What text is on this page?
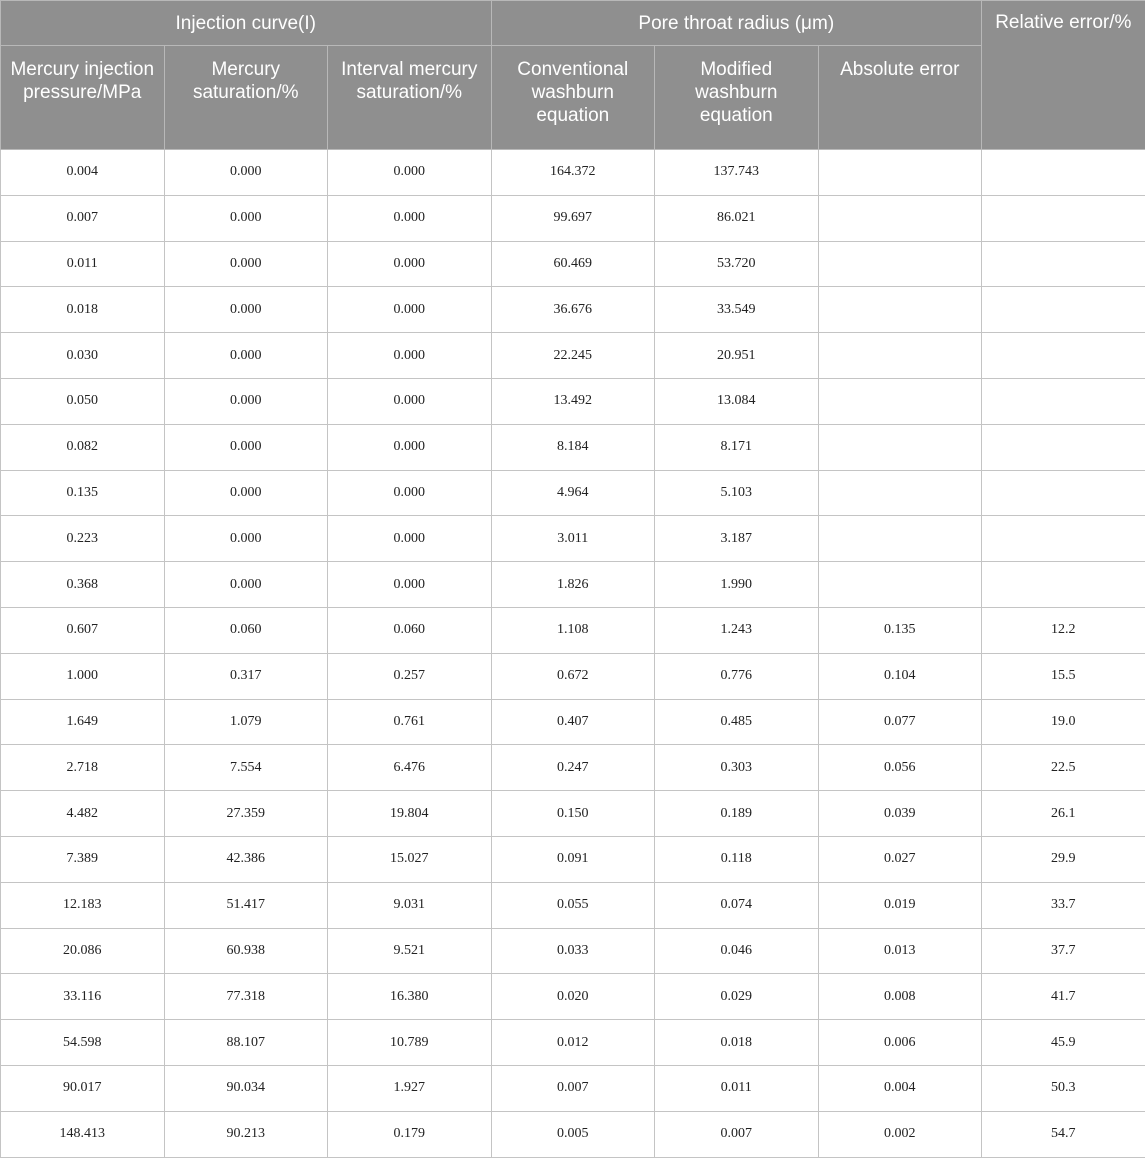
Injection curve(I)			Pore throat radius (μm)			Relative error/%
Mercury injection pressure/MPa	Mercury saturation/%	Interval mercury saturation/%	Conventional washburn equation	Modified washburn equation	Absolute error	
0.004	0.000	0.000	164.372	137.743		
0.007	0.000	0.000	99.697	86.021		
0.011	0.000	0.000	60.469	53.720		
0.018	0.000	0.000	36.676	33.549		
0.030	0.000	0.000	22.245	20.951		
0.050	0.000	0.000	13.492	13.084		
0.082	0.000	0.000	8.184	8.171		
0.135	0.000	0.000	4.964	5.103		
0.223	0.000	0.000	3.011	3.187		
0.368	0.000	0.000	1.826	1.990		
0.607	0.060	0.060	1.108	1.243	0.135	12.2
1.000	0.317	0.257	0.672	0.776	0.104	15.5
1.649	1.079	0.761	0.407	0.485	0.077	19.0
2.718	7.554	6.476	0.247	0.303	0.056	22.5
4.482	27.359	19.804	0.150	0.189	0.039	26.1
7.389	42.386	15.027	0.091	0.118	0.027	29.9
12.183	51.417	9.031	0.055	0.074	0.019	33.7
20.086	60.938	9.521	0.033	0.046	0.013	37.7
33.116	77.318	16.380	0.020	0.029	0.008	41.7
54.598	88.107	10.789	0.012	0.018	0.006	45.9
90.017	90.034	1.927	0.007	0.011	0.004	50.3
148.413	90.213	0.179	0.005	0.007	0.002	54.7
